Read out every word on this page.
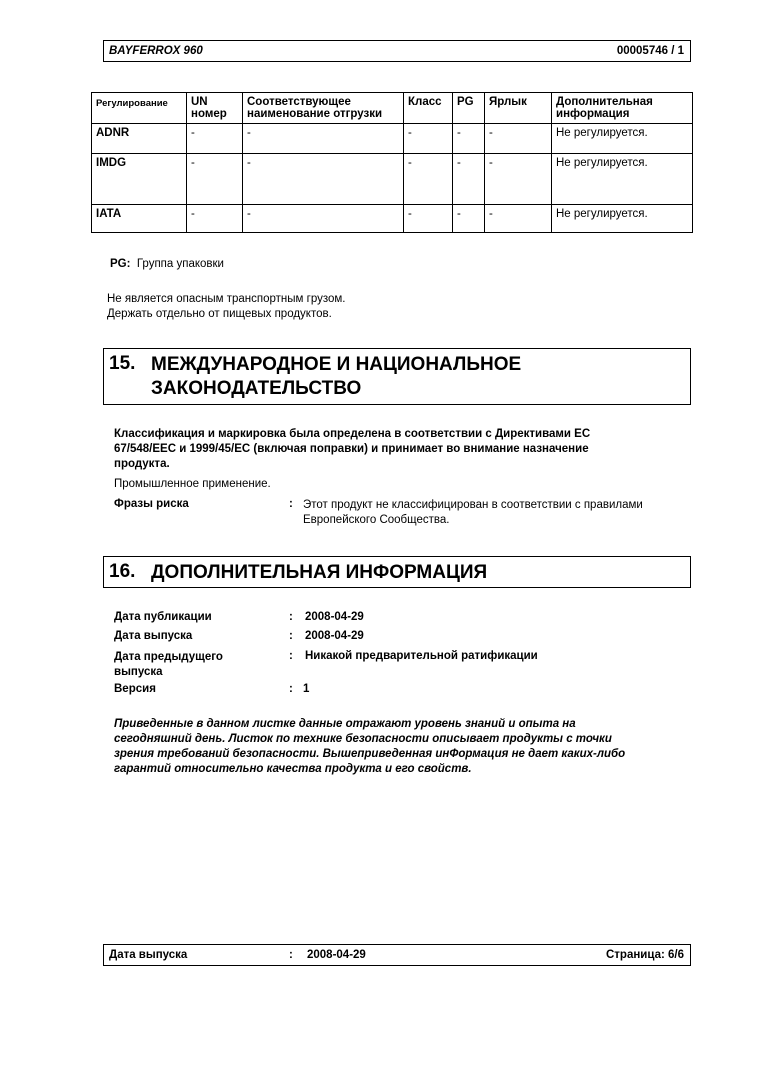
BAYFERROX 960	00005746 / 1
Регулирование	UN номер	Соответствующее наименование отгрузки	Класс	PG	Ярлык	Дополнительная информация
ADNR	-	-	-	-	-	Не регулируется.
IMDG	-	-	-	-	-	Не регулируется.
IATA	-	-	-	-	-	Не регулируется.
PG: Группа упаковки
Не является опасным транспортным грузом.
Держать отдельно от пищевых продуктов.
15. МЕЖДУНАРОДНОЕ И НАЦИОНАЛЬНОЕ
ЗАКОНОДАТЕЛЬСТВО
Классификация и маркировка была определена в соответствии с Директивами ЕС
67/548/EEC и 1999/45/EC (включая поправки) и принимает во внимание назначение
продукта.
Промышленное применение.
Фразы риска	: Этот продукт не классифицирован в соответствии с правилами
Европейского Сообщества.
16. ДОПОЛНИТЕЛЬНАЯ ИНФОРМАЦИЯ
Дата публикации	: 2008-04-29
Дата выпуска	: 2008-04-29
Дата предыдущего
выпуска
: Никакой предварительной ратификации
Версия	: 1
Приведенные в данном листке данные отражают уровень знаний и опыта на
сегодняшний день. Листок по технике безопасности описывает продукты с точки
зрения требований безопасности. Вышеприведенная инФормация не дает каких-либо
гарантий относительно качества продукта и его свойств.
Дата выпуска	: 2008-04-29	Страница: 6/6
